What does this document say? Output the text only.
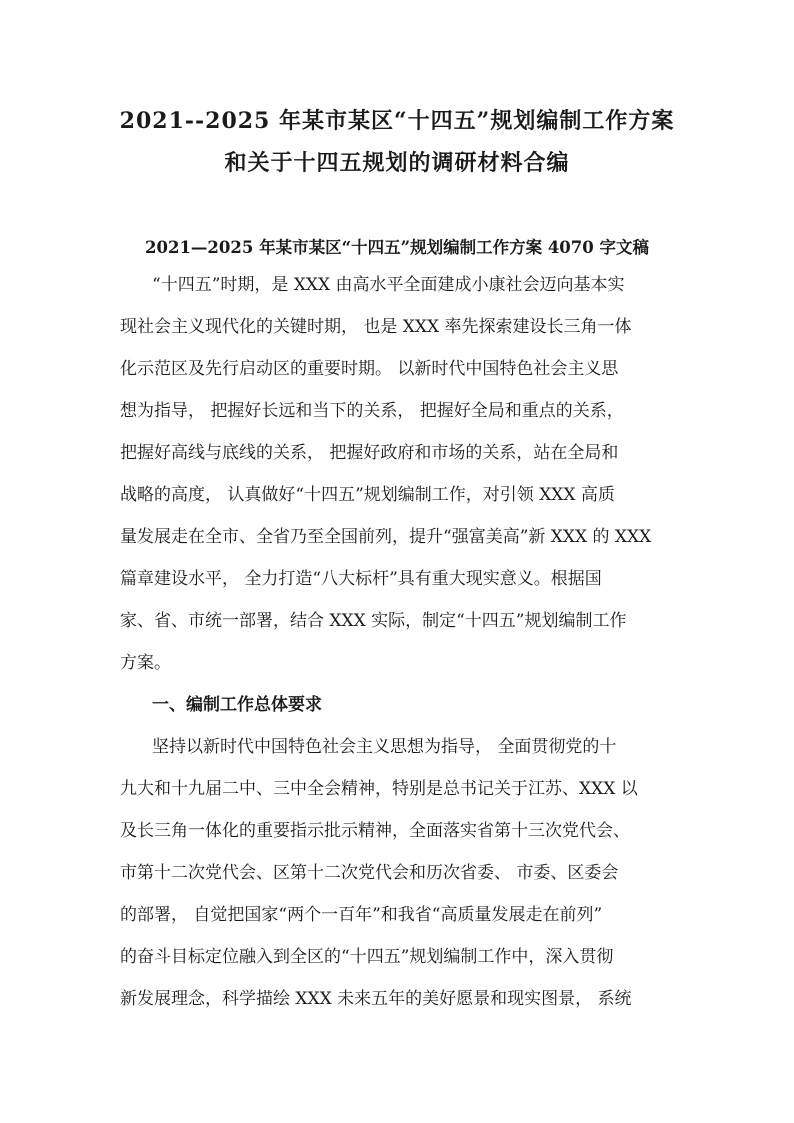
2021--2025 年某市某区“十四五”规划编制工作方案
和关于十四五规划的调研材料合编
2021—2025 年某市某区“十四五”规划编制工作方案 4070 字文稿

“十四五”时期，是 XXX 由高水平全面建成小康社会迈向基本实

现社会主义现代化的关键时期， 也是 XXX 率先探索建设长三角一体

化示范区及先行启动区的重要时期。 以新时代中国特色社会主义思

想为指导， 把握好长远和当下的关系， 把握好全局和重点的关系，

把握好高线与底线的关系， 把握好政府和市场的关系，站在全局和

战略的高度， 认真做好“十四五”规划编制工作，对引领 XXX 高质

量发展走在全市、全省乃至全国前列，提升“强富美高”新 XXX 的 XXX

篇章建设水平， 全力打造“八大标杆”具有重大现实意义。根据国

家、省、市统一部署，结合 XXX 实际，制定“十四五”规划编制工作

方案。

一、编制工作总体要求

坚持以新时代中国特色社会主义思想为指导， 全面贯彻党的十

九大和十九届二中、三中全会精神，特别是总书记关于江苏、XXX 以

及长三角一体化的重要指示批示精神，全面落实省第十三次党代会、

市第十二次党代会、区第十二次党代会和历次省委、 市委、区委会

的部署， 自觉把国家“两个一百年”和我省“高质量发展走在前列”

的奋斗目标定位融入到全区的“十四五”规划编制工作中，深入贯彻

新发展理念，科学描绘 XXX 未来五年的美好愿景和现实图景， 系统
